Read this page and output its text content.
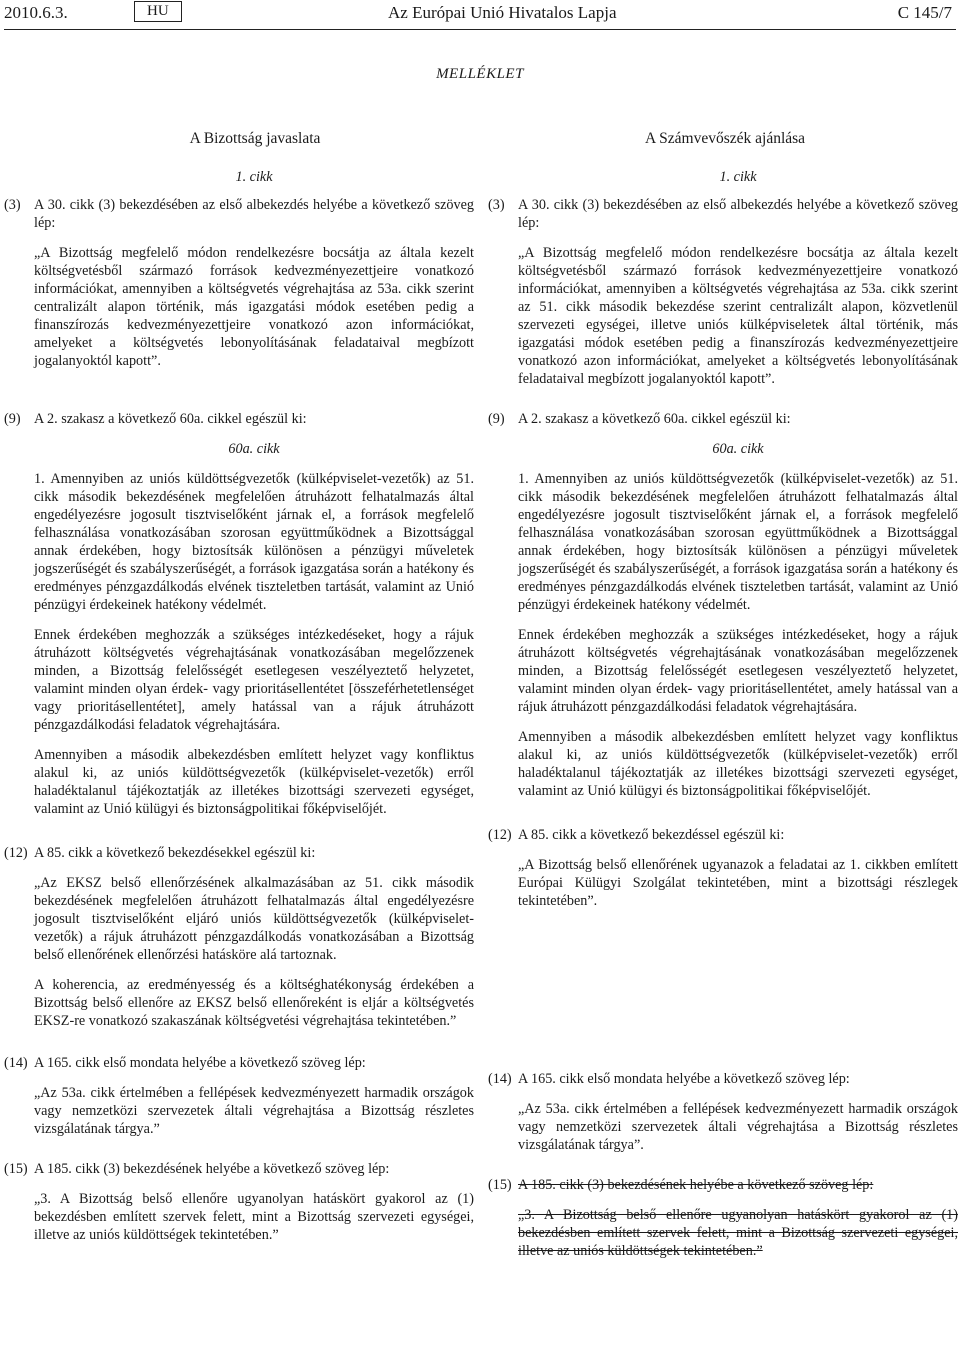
2010.6.3.	HU	Az Európai Unió Hivatalos Lapja	C 145/7
MELLÉKLET
A Bizottság javaslata	A Számvevőszék ajánlása
1. cikk
(3) A 30. cikk (3) bekezdésében az első albekezdés helyébe a következő szöveg lép:

„A Bizottság megfelelő módon rendelkezésre bocsátja az általa kezelt költségvetésből származó források kedvezményezettjeire vonatkozó információkat, amennyiben a költségvetés végrehajtása az 53a. cikk szerint centralizált alapon történik, más igazgatási módok esetében pedig a finanszírozás kedvezményezettjeire vonatkozó azon információkat, amelyeket a költségvetés lebonyolításának feladataival megbízott jogalanyoktól kapott”.

(9) A 2. szakasz a következő 60a. cikkel egészül ki:

60a. cikk

1. Amennyiben az uniós küldöttségvezetők (külképviselet-vezetők) az 51. cikk második bekezdésének megfelelően átruházott felhatalmazás által engedélyezésre jogosult tisztviselőként járnak el, a források megfelelő felhasználása vonatkozásában szorosan együttműködnek a Bizottsággal annak érdekében, hogy biztosítsák különösen a pénzügyi műveletek jogszerűségét és szabályszerűségét, a források igazgatása során a hatékony és eredményes pénzgazdálkodás elvének tiszteletben tartását, valamint az Unió pénzügyi érdekeinek hatékony védelmét.

Ennek érdekében meghozzák a szükséges intézkedéseket, hogy a rájuk átruházott költségvetés végrehajtásának vonatkozásában megelőzzenek minden, a Bizottság felelősségét esetlegesen veszélyeztető helyzetet, valamint minden olyan érdek- vagy prioritásellentétet [összeférhetetlenséget vagy prioritásellentétet], amely hatással van a rájuk átruházott pénzgazdálkodási feladatok végrehajtására.

Amennyiben a második albekezdésben említett helyzet vagy konfliktus alakul ki, az uniós küldöttségvezetők (külképviselet-vezetők) erről haladéktalanul tájékoztatják az illetékes bizottsági szervezeti egységet, valamint az Unió külügyi és biztonságpolitikai főképviselőjét.

(12) A 85. cikk a következő bekezdésekkel egészül ki:

„Az EKSZ belső ellenőrzésének alkalmazásában az 51. cikk második bekezdésének megfelelően átruházott felhatalmazás által engedélyezésre jogosult tisztviselőként eljáró uniós küldöttségvezetők (külképviselet-vezetők) a rájuk átruházott pénzgazdálkodás vonatkozásában a Bizottság belső ellenőrének ellenőrzési hatásköre alá tartoznak.

A koherencia, az eredményesség és a költséghatékonyság érdekében a Bizottság belső ellenőre az EKSZ belső ellenőreként is eljár a költségvetés EKSZ-re vonatkozó szakaszának költségvetési végrehajtása tekintetében.”

(14) A 165. cikk első mondata helyébe a következő szöveg lép:

„Az 53a. cikk értelmében a fellépések kedvezményezett harmadik országok vagy nemzetközi szervezetek általi végrehajtása a Bizottság részletes vizsgálatának tárgya.”

(15) A 185. cikk (3) bekezdésének helyébe a következő szöveg lép:

„3. A Bizottság belső ellenőre ugyanolyan hatáskört gyakorol az (1) bekezdésben említett szervek felett, mint a Bizottság szervezeti egységei, illetve az uniós küldöttségek tekintetében.”

1. cikk
(3) A 30. cikk (3) bekezdésében az első albekezdés helyébe a következő szöveg lép:

„A Bizottság megfelelő módon rendelkezésre bocsátja az általa kezelt költségvetésből származó források kedvezményezettjeire vonatkozó információkat, amennyiben a költségvetés végrehajtása az 53a. cikk szerint az 51. cikk második bekezdése szerint centralizált alapon, közvetlenül szervezeti egységei, illetve uniós külképviseletek által történik, más igazgatási módok esetében pedig a finanszírozás kedvezményezettjeire vonatkozó azon információkat, amelyeket a költségvetés lebonyolításának feladataival megbízott jogalanyoktól kapott”.

(9) A 2. szakasz a következő 60a. cikkel egészül ki:

60a. cikk

1. Amennyiben az uniós küldöttségvezetők (külképviselet-vezetők) az 51. cikk második bekezdésének megfelelően átruházott felhatalmazás által engedélyezésre jogosult tisztviselőként járnak el, a források megfelelő felhasználása vonatkozásában szorosan együttműködnek a Bizottsággal annak érdekében, hogy biztosítsák különösen a pénzügyi műveletek jogszerűségét és szabályszerűségét, a források igazgatása során a hatékony és eredményes pénzgazdálkodás elvének tiszteletben tartását, valamint az Unió pénzügyi érdekeinek hatékony védelmét.

Ennek érdekében meghozzák a szükséges intézkedéseket, hogy a rájuk átruházott költségvetés végrehajtásának vonatkozásában megelőzzenek minden, a Bizottság felelősségét esetlegesen veszélyeztető helyzetet, valamint minden olyan érdek- vagy prioritásellentétet, amely hatással van a rájuk átruházott pénzgazdálkodási feladatok végrehajtására.

Amennyiben a második albekezdésben említett helyzet vagy konfliktus alakul ki, az uniós küldöttségvezetők (külképviselet-vezetők) erről haladéktalanul tájékoztatják az illetékes bizottsági szervezeti egységet, valamint az Unió külügyi és biztonságpolitikai főképviselőjét.

(12) A 85. cikk a következő bekezdéssel egészül ki:

„A Bizottság belső ellenőrének ugyanazok a feladatai az 1. cikkben említett Európai Külügyi Szolgálat tekintetében, mint a bizottsági részlegek tekintetében”.

(14) A 165. cikk első mondata helyébe a következő szöveg lép:

„Az 53a. cikk értelmében a fellépések kedvezményezett harmadik országok vagy nemzetközi szervezetek általi végrehajtása a Bizottság részletes vizsgálatának tárgya”.

(15) A 185. cikk (3) bekezdésének helyébe a következő szöveg lép:

„3. A Bizottság belső ellenőre ugyanolyan hatáskört gyakorol az (1) bekezdésben említett szervek felett, mint a Bizottság szervezeti egységei, illetve az uniós küldöttségek tekintetében.”
